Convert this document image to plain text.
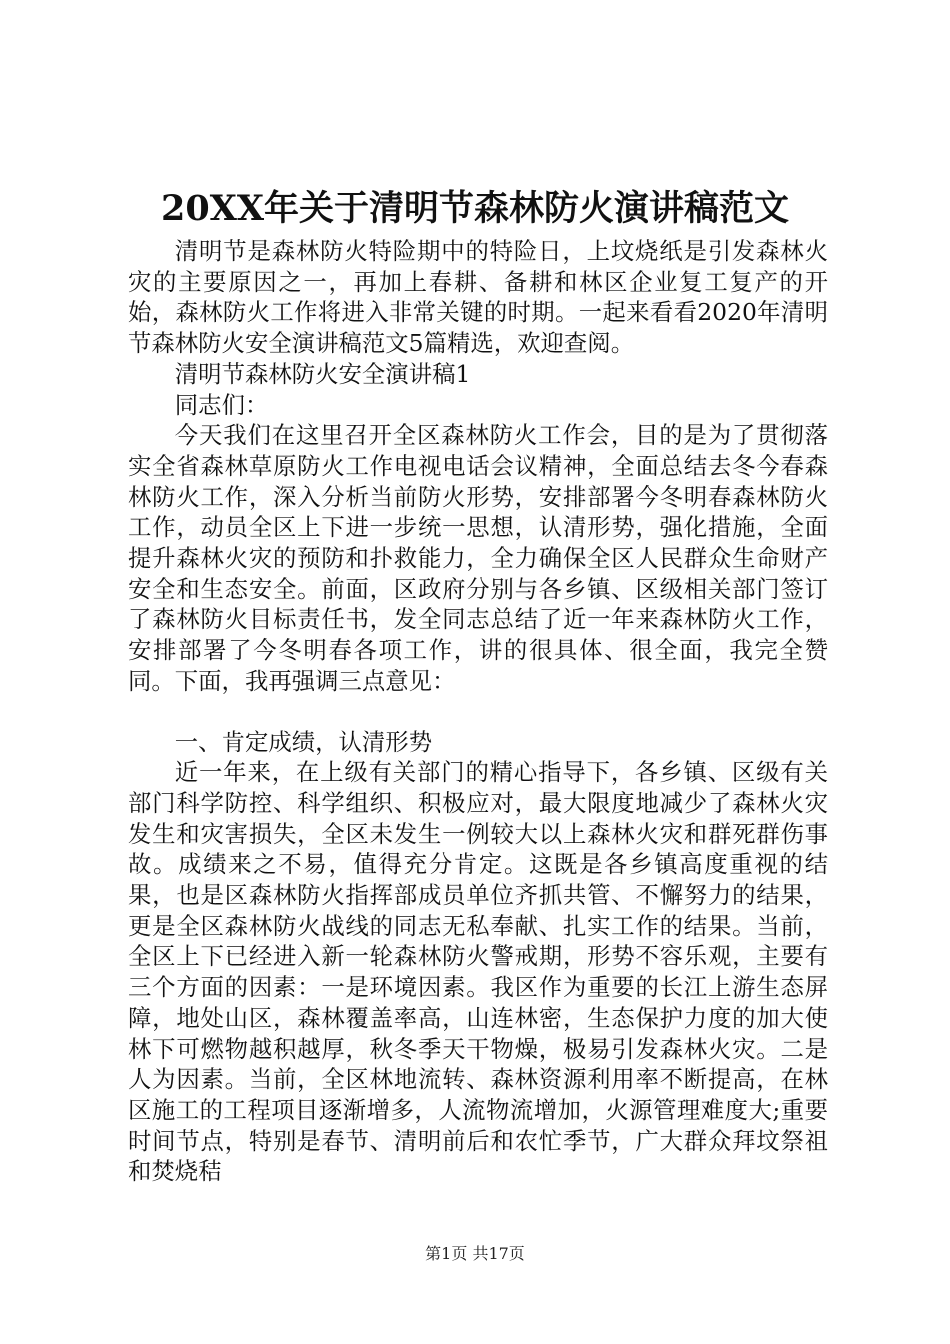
20XX年关于清明节森林防火演讲稿范文

清明节是森林防火特险期中的特险日，上坟烧纸是引发森林火灾的主要原因之一，再加上春耕、备耕和林区企业复工复产的开始，森林防火工作将进入非常关键的时期。一起来看看2020年清明节森林防火安全演讲稿范文5篇精选，欢迎查阅。

清明节森林防火安全演讲稿1

同志们：

今天我们在这里召开全区森林防火工作会，目的是为了贯彻落实全省森林草原防火工作电视电话会议精神，全面总结去冬今春森林防火工作，深入分析当前防火形势，安排部署今冬明春森林防火工作，动员全区上下进一步统一思想，认清形势，强化措施，全面提升森林火灾的预防和扑救能力，全力确保全区人民群众生命财产安全和生态安全。前面，区政府分别与各乡镇、区级相关部门签订了森林防火目标责任书，发全同志总结了近一年来森林防火工作，安排部署了今冬明春各项工作，讲的很具体、很全面，我完全赞同。下面，我再强调三点意见：

一、肯定成绩，认清形势

近一年来，在上级有关部门的精心指导下，各乡镇、区级有关部门科学防控、科学组织、积极应对，最大限度地减少了森林火灾发生和灾害损失，全区未发生一例较大以上森林火灾和群死群伤事故。成绩来之不易，值得充分肯定。这既是各乡镇高度重视的结果，也是区森林防火指挥部成员单位齐抓共管、不懈努力的结果，更是全区森林防火战线的同志无私奉献、扎实工作的结果。当前，全区上下已经进入新一轮森林防火警戒期，形势不容乐观，主要有三个方面的因素：一是环境因素。我区作为重要的长江上游生态屏障，地处山区，森林覆盖率高，山连林密，生态保护力度的加大使林下可燃物越积越厚，秋冬季天干物燥，极易引发森林火灾。二是人为因素。当前，全区林地流转、森林资源利用率不断提高，在林区施工的工程项目逐渐增多，人流物流增加，火源管理难度大;重要时间节点，特别是春节、清明前后和农忙季节，广大群众拜坟祭祖和焚烧秸

第1页 共17页
